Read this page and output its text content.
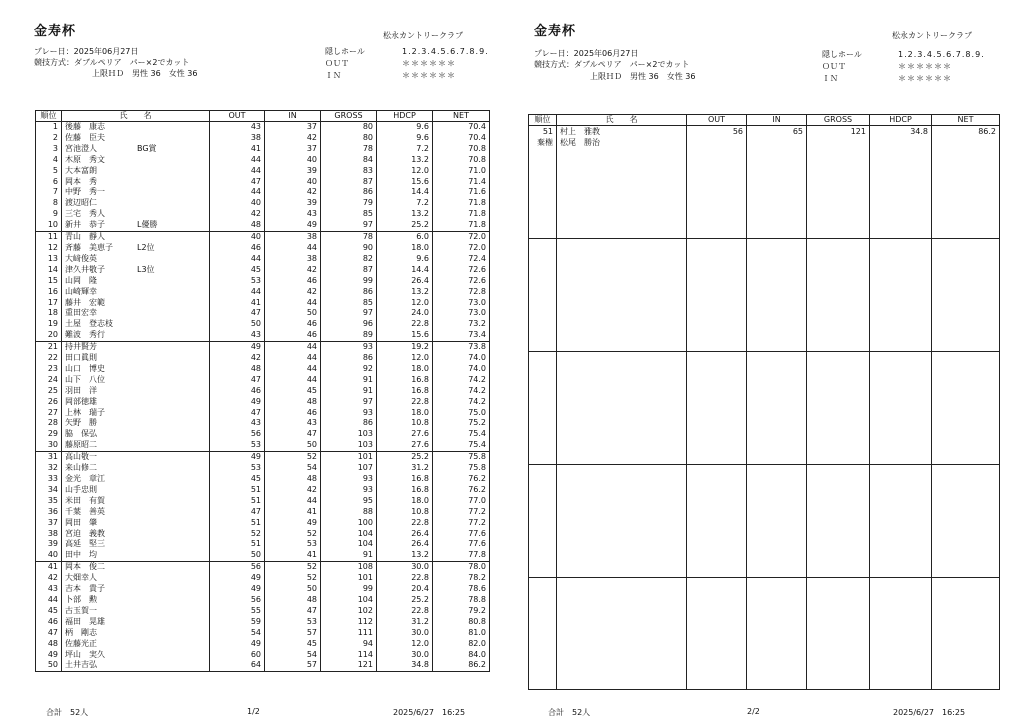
金寿杯	松永カントリークラブ
プレー日：2025年06月27日
競技方式：ダブルペリア　パー×2でカット
上限ＨＤ　男性 36　女性 36
隠しホール	1.2.3.4.5.6.7.8.9.
ＯＵＴ	＊＊＊＊＊＊
ＩＮ	＊＊＊＊＊＊
順位	氏　　名	OUT	IN	GROSS	HDCP	NET
1	後藤　康志	43	37	80	9.6	70.4
2	佐藤　臣夫	38	42	80	9.6	70.4
3	宮池澄人 BG賞	41	37	78	7.2	70.8
4	木原　秀文	44	40	84	13.2	70.8
5	大本富朗	44	39	83	12.0	71.0
6	岡本　秀	47	40	87	15.6	71.4
7	中野　秀一	44	42	86	14.4	71.6
8	渡辺昭仁	40	39	79	7.2	71.8
9	三宅　秀人	42	43	85	13.2	71.8
10	新井　恭子 L優勝	48	49	97	25.2	71.8
11	青山　靜人	40	38	78	6.0	72.0
12	斉藤　美恵子 L2位	46	44	90	18.0	72.0
13	大﨑俊英	44	38	82	9.6	72.4
14	津久井敬子 L3位	45	42	87	14.4	72.6
15	山岡　隆	53	46	99	26.4	72.6
16	山崎輝幸	44	42	86	13.2	72.8
17	藤井　宏範	41	44	85	12.0	73.0
18	重田宏幸	47	50	97	24.0	73.0
19	土屋　登志枝	50	46	96	22.8	73.2
20	難波　秀行	43	46	89	15.6	73.4
21	持井賢芳	49	44	93	19.2	73.8
22	田口眞則	42	44	86	12.0	74.0
23	山口　博史	48	44	92	18.0	74.0
24	山下　八位	47	44	91	16.8	74.2
25	羽田　洋	46	45	91	16.8	74.2
26	岡部徳雄	49	48	97	22.8	74.2
27	上林　瑞子	47	46	93	18.0	75.0
28	矢野　勝	43	43	86	10.8	75.2
29	脇　保弘	56	47	103	27.6	75.4
30	藤原昭二	53	50	103	27.6	75.4
31	高山敬一	49	52	101	25.2	75.8
32	来山修二	53	54	107	31.2	75.8
33	金光　章江	45	48	93	16.8	76.2
34	山手忠則	51	42	93	16.8	76.2
35	米田　有賀	51	44	95	18.0	77.0
36	千葉　善英	47	41	88	10.8	77.2
37	岡田　肇	51	49	100	22.8	77.2
38	宮迫　義教	52	52	104	26.4	77.6
39	高延　堅三	51	53	104	26.4	77.6
40	田中　均	50	41	91	13.2	77.8
41	岡本　俊二	56	52	108	30.0	78.0
42	大畑幸人	49	52	101	22.8	78.2
43	吉本　貴子	49	50	99	20.4	78.6
44	卜部　勲	56	48	104	25.2	78.8
45	古玉賀一	55	47	102	22.8	79.2
46	福田　晃雄	59	53	112	31.2	80.8
47	柄　剛志	54	57	111	30.0	81.0
48	佐藤光正	49	45	94	12.0	82.0
49	坪山　実久	60	54	114	30.0	84.0
50	土井吉弘	64	57	121	34.8	86.2
合計　52人	1/2	2025/6/27　16:25
金寿杯	松永カントリークラブ
プレー日：2025年06月27日
競技方式：ダブルペリア　パー×2でカット
上限ＨＤ　男性 36　女性 36
隠しホール	1.2.3.4.5.6.7.8.9.
ＯＵＴ	＊＊＊＊＊＊
ＩＮ	＊＊＊＊＊＊
順位	氏　　名	OUT	IN	GROSS	HDCP	NET
51	村上　雅教	56	65	121	34.8	86.2
棄権	松尾　勝治					

合計　52人	2/2	2025/6/27　16:25
